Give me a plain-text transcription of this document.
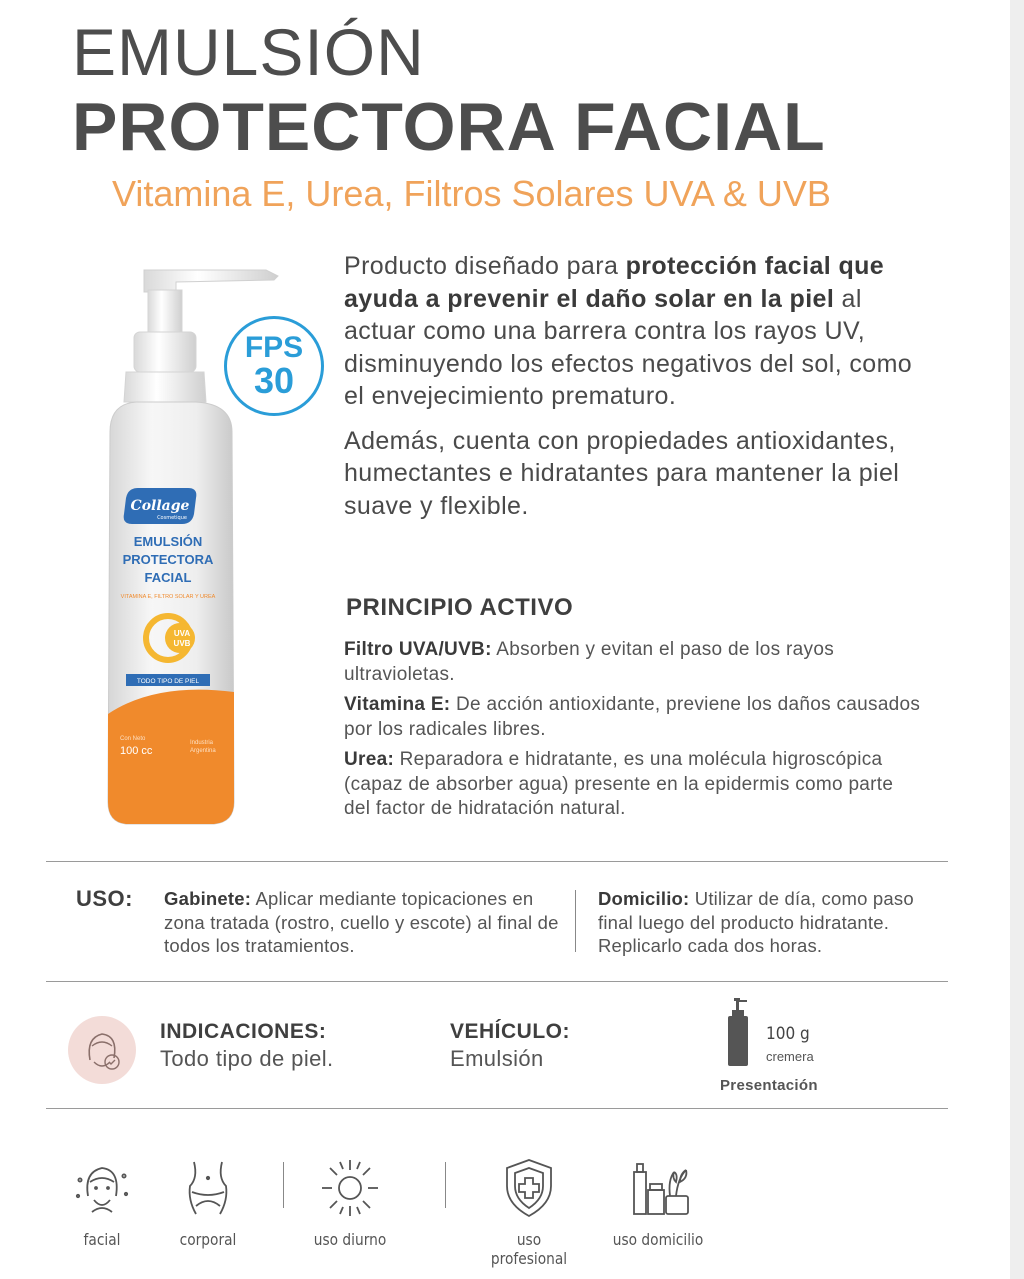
EMULSIÓN
PROTECTORA FACIAL
Vitamina E, Urea, Filtros Solares UVA & UVB
Collage
Cosmetique
EMULSIÓN
PROTECTORA
FACIAL
VITAMINA E, FILTRO SOLAR Y UREA
UVA
UVB
TODO TIPO DE PIEL
Con Neto
100 cc
Industria
Argentina
FPS
30

Producto diseñado para protección facial que ayuda a prevenir el daño solar en la piel al actuar como una barrera contra los rayos UV, disminuyendo los efectos negativos del sol, como el envejecimiento prematuro.

Además, cuenta con propiedades antioxidantes, humectantes e hidratantes para mantener la piel suave y flexible.

PRINCIPIO ACTIVO
Filtro UVA/UVB: Absorben y evitan el paso de los rayos ultravioletas.
Vitamina E: De acción antioxidante, previene los daños causados por los radicales libres.
Urea: Reparadora e hidratante, es una molécula higroscópica (capaz de absorber agua) presente en la epidermis como parte del factor de hidratación natural.
USO: Gabinete: Aplicar mediante topicaciones en zona tratada (rostro, cuello y escote) al final de todos los tratamientos.
Domicilio: Utilizar de día, como paso final luego del producto hidratante. Replicarlo cada dos horas.
INDICACIONES:
Todo tipo de piel.
VEHÍCULO:
Emulsión
100 g
cremera
Presentación
facial	corporal	uso diurno	uso profesional
uso domicilio
